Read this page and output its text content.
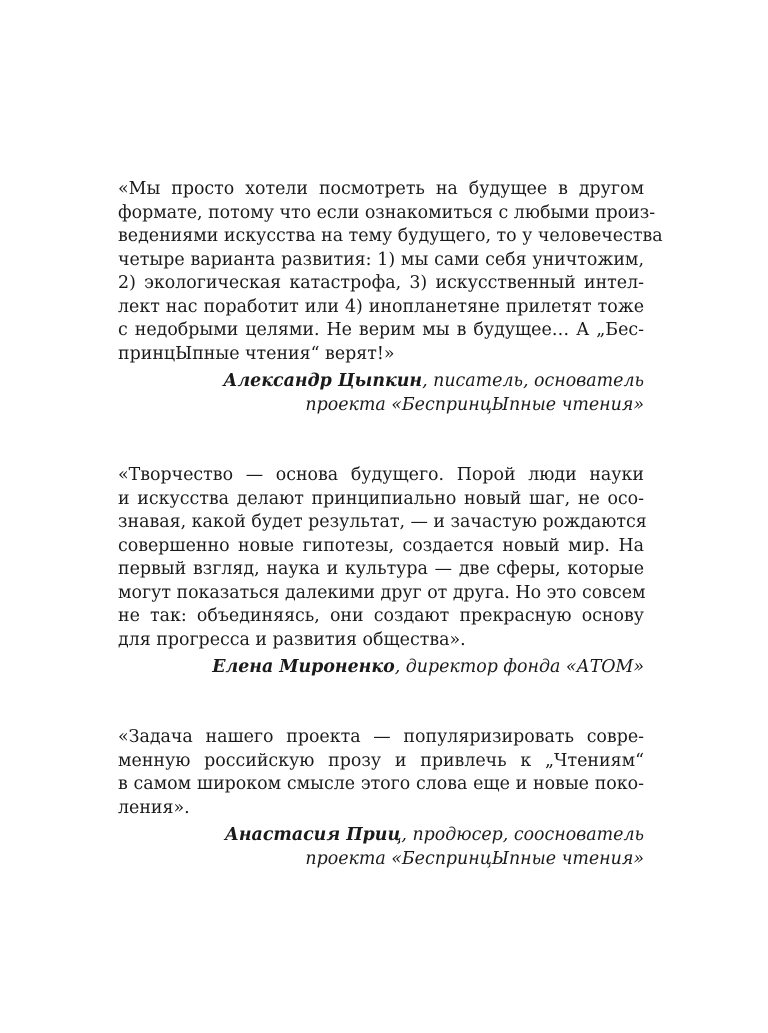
«Мы просто хотели посмотреть на будущее в другом
формате, потому что если ознакомиться с любыми произ-
ведениями искусства на тему будущего, то у человечества
четыре варианта развития: 1) мы сами себя уничтожим,
2) экологическая катастрофа, 3) искусственный интел-
лект нас поработит или 4) инопланетяне прилетят тоже
с недобрыми целями. Не верим мы в будущее… А „Бес-
принцЫпные чтения“ верят!»
Александр Цыпкин, писатель, основатель
проекта «БеспринцЫпные чтения»
«Творчество — основа будущего. Порой люди науки
и искусства делают принципиально новый шаг, не осо-
знавая, какой будет результат, — и зачастую рождаются
совершенно новые гипотезы, создается новый мир. На
первый взгляд, наука и культура — две сферы, которые
могут показаться далекими друг от друга. Но это совсем
не так: объединяясь, они создают прекрасную основу
для прогресса и развития общества».
Елена Мироненко, директор фонда «АТОМ»
«Задача нашего проекта — популяризировать совре-
менную российскую прозу и привлечь к „Чтениям“
в самом широком смысле этого слова еще и новые поко-
ления».
Анастасия Приц, продюсер, сооснователь
проекта «БеспринцЫпные чтения»
